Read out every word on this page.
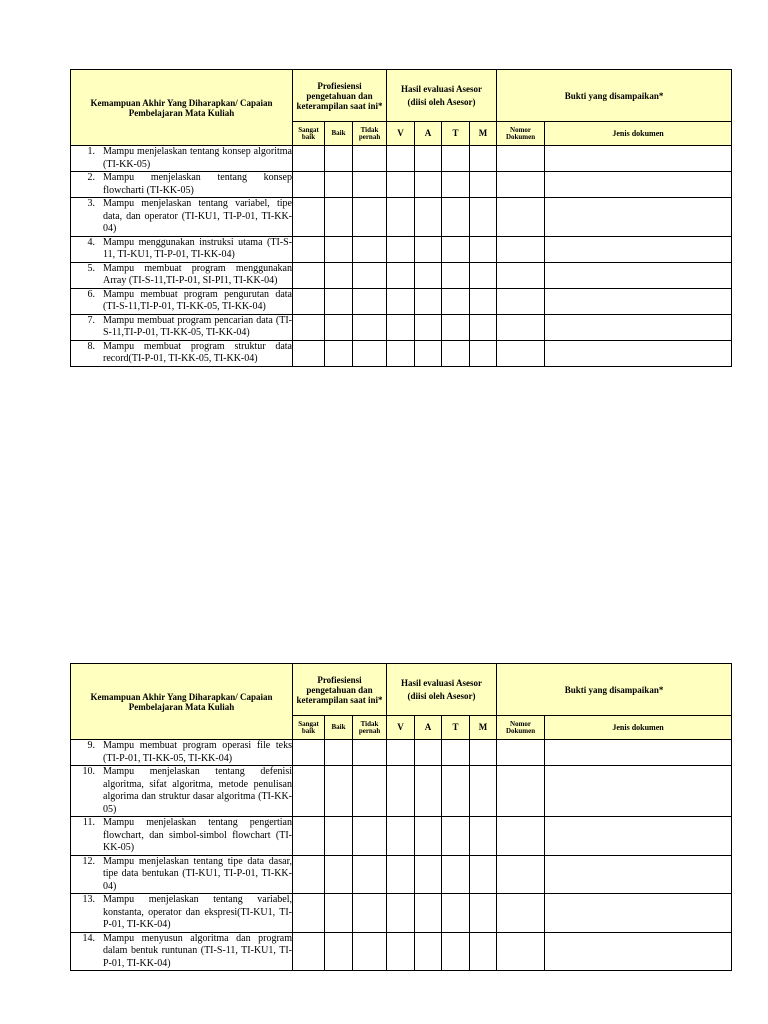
Kemampuan Akhir Yang Diharapkan/ Capaian Pembelajaran Mata Kuliah	Profiesiensi pengetahuan dan keterampilan saat ini*			Hasil evaluasi Asesor
(diisi oleh Asesor)				Bukti yang disampaikan*	
	Sangat baik	Baik	Tidak pernah	V	A	T	M	Nomor Dokumen	Jenis dokumen

1. Mampu menjelaskan tentang konsep algoritma (TI-KK-05)									

2. Mampu menjelaskan tentang konsep flowcharti (TI-KK-05)									

3. Mampu menjelaskan tentang variabel, tipe data, dan operator (TI-KU1, TI-P-01, TI-KK-04)									

4. Mampu menggunakan instruksi utama (TI-S-11, TI-KU1, TI-P-01, TI-KK-04)									

5. Mampu membuat program menggunakan Array (TI-S-11,TI-P-01, SI-PI1, TI-KK-04)									

6. Mampu membuat program pengurutan data (TI-S-11,TI-P-01, TI-KK-05, TI-KK-04)									

7. Mampu membuat program pencarian data (TI-S-11,TI-P-01, TI-KK-05, TI-KK-04)									

8. Mampu membuat program struktur data record(TI-P-01, TI-KK-05, TI-KK-04)									

Kemampuan Akhir Yang Diharapkan/ Capaian Pembelajaran Mata Kuliah	Profiesiensi pengetahuan dan keterampilan saat ini*			Hasil evaluasi Asesor
(diisi oleh Asesor)				Bukti yang disampaikan*	
	Sangat baik	Baik	Tidak pernah	V	A	T	M	Nomor Dokumen	Jenis dokumen

9. Mampu membuat program operasi file teks (TI-P-01, TI-KK-05, TI-KK-04)									

10. Mampu menjelaskan tentang defenisi algoritma, sifat algoritma, metode penulisan algorima dan struktur dasar algoritma (TI-KK-05)									

11. Mampu menjelaskan tentang pengertian flowchart, dan simbol-simbol flowchart (TI-KK-05)									

12. Mampu menjelaskan tentang tipe data dasar, tipe data bentukan (TI-KU1, TI-P-01, TI-KK-04)									

13. Mampu menjelaskan tentang variabel, konstanta, operator dan ekspresi(TI-KU1, TI-P-01, TI-KK-04)									

14. Mampu menyusun algoritma dan program dalam bentuk runtunan (TI-S-11, TI-KU1, TI-P-01, TI-KK-04)									
